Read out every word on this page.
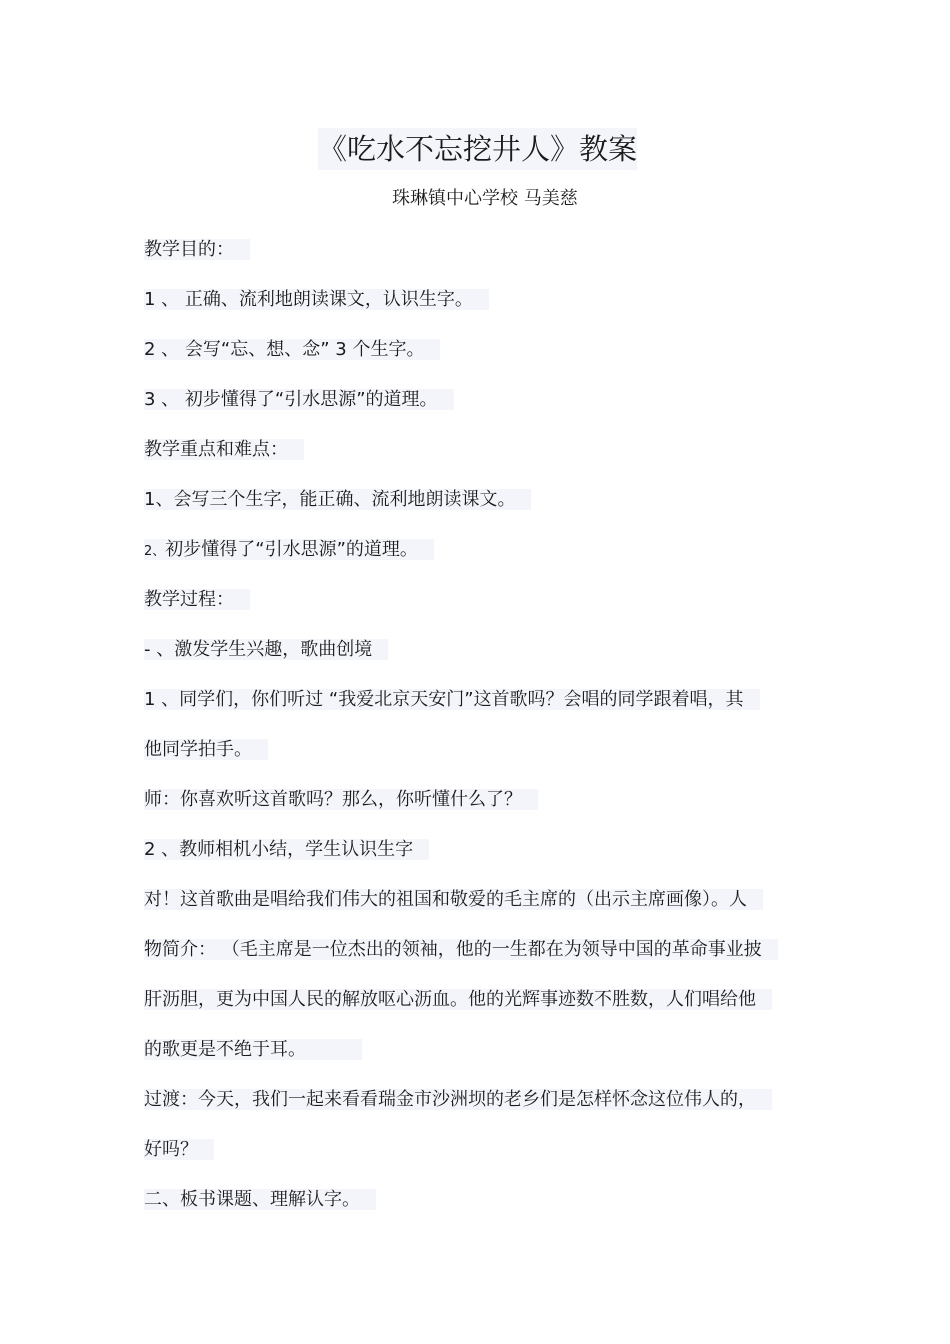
《吃水不忘挖井人》教案
珠琳镇中心学校 马美慈
教学目的：
1 、 正确、流利地朗读课文，认识生字。
2 、 会写“忘、想、念” 3 个生字。
3 、 初步懂得了“引水思源”的道理。
教学重点和难点：
1、会写三个生字，能正确、流利地朗读课文。
2、初步懂得了“引水思源”的道理。
教学过程：
- 、激发学生兴趣，歌曲创境
1 、同学们，你们听过 “我爱北京天安门”这首歌吗？会唱的同学跟着唱，其
他同学拍手。
师：你喜欢听这首歌吗？那么，你听懂什么了？
2 、教师相机小结，学生认识生字
对！这首歌曲是唱给我们伟大的祖国和敬爱的毛主席的（出示主席画像）。人
物简介： （毛主席是一位杰出的领袖，他的一生都在为领导中国的革命事业披
肝沥胆，更为中国人民的解放呕心沥血。他的光辉事迹数不胜数，人们唱给他
的歌更是不绝于耳。
过渡：今天，我们一起来看看瑞金市沙洲坝的老乡们是怎样怀念这位伟人的，
好吗？
二、板书课题、理解认字。
